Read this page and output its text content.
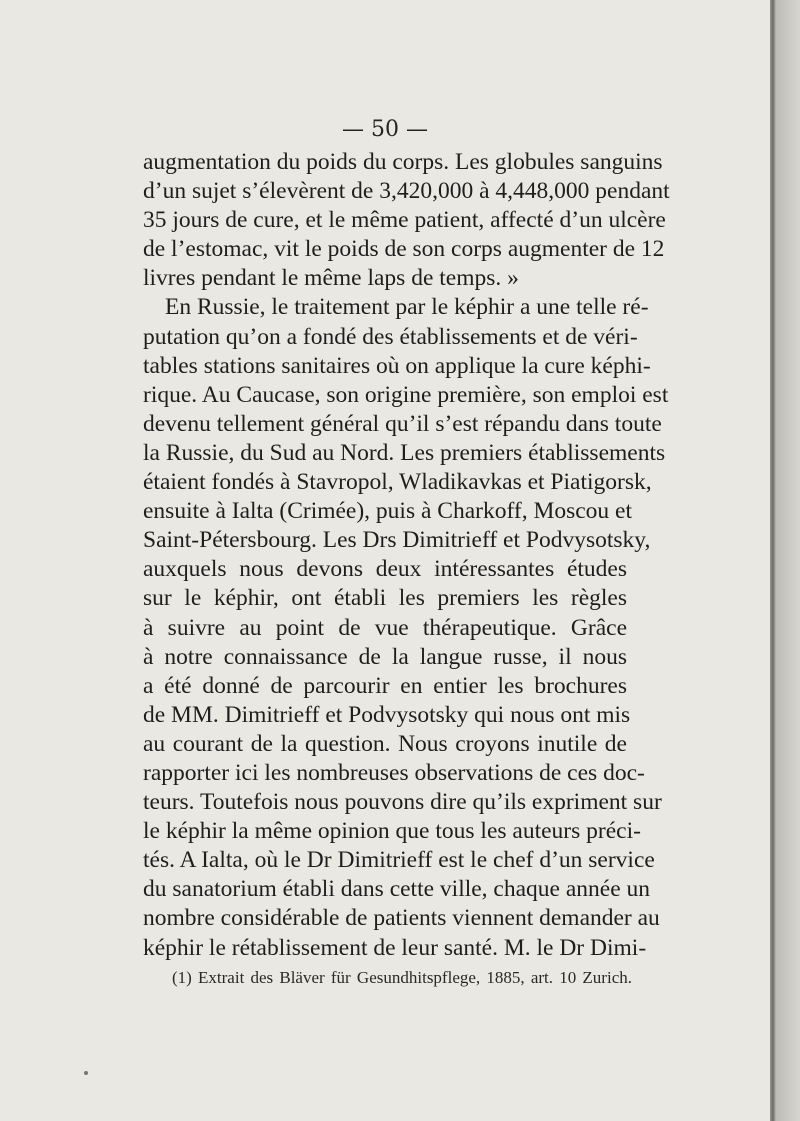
— 50 —

augmentation du poids du corps. Les globules sanguins
d’un sujet s’élevèrent de 3,420,000 à 4,448,000 pendant
35 jours de cure, et le même patient, affecté d’un ulcère
de l’estomac, vit le poids de son corps augmenter de 12
livres pendant le même laps de temps. »
En Russie, le traitement par le képhir a une telle ré-
putation qu’on a fondé des établissements et de véri-
tables stations sanitaires où on applique la cure képhi-
rique. Au Caucase, son origine première, son emploi est
devenu tellement général qu’il s’est répandu dans toute
la Russie, du Sud au Nord. Les premiers établissements
étaient fondés à Stavropol, Wladikavkas et Piatigorsk,
ensuite à Ialta (Crimée), puis à Charkoff, Moscou et
Saint-Pétersbourg. Les Drs Dimitrieff et Podvysotsky,
auxquels nous devons deux intéressantes études
sur le képhir, ont établi les premiers les règles
à suivre au point de vue thérapeutique. Grâce
à notre connaissance de la langue russe, il nous
a été donné de parcourir en entier les brochures
de MM. Dimitrieff et Podvysotsky qui nous ont mis
au courant de la question. Nous croyons inutile de
rapporter ici les nombreuses observations de ces doc-
teurs. Toutefois nous pouvons dire qu’ils expriment sur
le képhir la même opinion que tous les auteurs préci-
tés. A Ialta, où le Dr Dimitrieff est le chef d’un service
du sanatorium établi dans cette ville, chaque année un
nombre considérable de patients viennent demander au
képhir le rétablissement de leur santé. M. le Dr Dimi-

(1) Extrait des Bläver für Gesundhitspflege, 1885, art. 10 Zurich.
